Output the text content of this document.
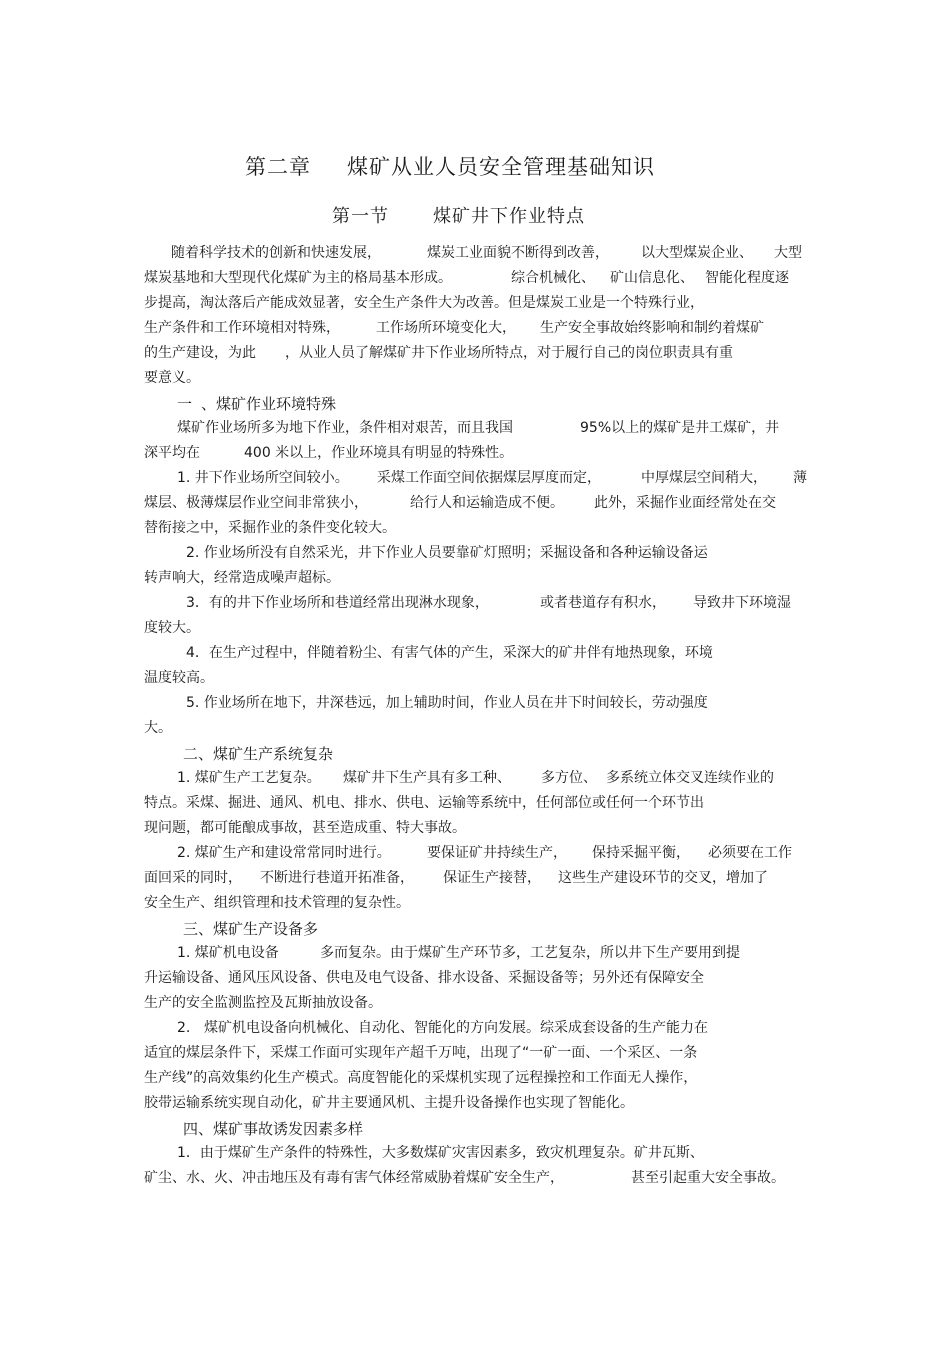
第二章 煤矿从业人员安全管理基础知识
第一节 煤矿井下作业特点
随着科学技术的创新和快速发展，	煤炭工业面貌不断得到改善， 以大型煤炭企业、 大型
煤炭基地和大型现代化煤矿为主的格局基本形成。	综合机械化、 矿山信息化、 智能化程度逐
步提高，淘汰落后产能成效显著，安全生产条件大为改善。但是煤炭工业是一个特殊行业，
生产条件和工作环境相对特殊，	工作场所环境变化大， 生产安全事故始终影响和制约着煤矿
的生产建设，为此 ，从业人员了解煤矿井下作业场所特点，对于履行自己的岗位职责具有重
要意义。
一 、煤矿作业环境特殊
煤矿作业场所多为地下作业，条件相对艰苦，而且我国	95%以上的煤矿是井工煤矿，井
深平均在	400 米以上，作业环境具有明显的特殊性。
1. 井下作业场所空间较小。 采煤工作面空间依据煤层厚度而定，	中厚煤层空间稍大， 薄
煤层、极薄煤层作业空间非常狭小，	给行人和运输造成不便。 此外，采掘作业面经常处在交
替衔接之中，采掘作业的条件变化较大。
2. 作业场所没有自然采光，井下作业人员要靠矿灯照明；采掘设备和各种运输设备运
转声响大，经常造成噪声超标。
3．有的井下作业场所和巷道经常出现淋水现象，	或者巷道存有积水， 导致井下环境湿
度较大。
4．在生产过程中，伴随着粉尘、有害气体的产生，采深大的矿井伴有地热现象，环境
温度较高。
5. 作业场所在地下，井深巷远，加上辅助时间，作业人员在井下时间较长，劳动强度
大。
二、煤矿生产系统复杂
1. 煤矿生产工艺复杂。 煤矿井下生产具有多工种、 多方位、 多系统立体交叉连续作业的
特点。采煤、掘进、通风、机电、排水、供电、运输等系统中，任何部位或任何一个环节出
现问题，都可能酿成事故，甚至造成重、特大事故。
2. 煤矿生产和建设常常同时进行。	要保证矿井持续生产， 保持采掘平衡， 必须要在工作
面回采的同时， 不断进行巷道开拓准备， 保证生产接替， 这些生产建设环节的交叉，增加了
安全生产、组织管理和技术管理的复杂性。
三、煤矿生产设备多
1. 煤矿机电设备	多而复杂。由于煤矿生产环节多，工艺复杂，所以井下生产要用到提
升运输设备、通风压风设备、供电及电气设备、排水设备、采掘设备等；另外还有保障安全
生产的安全监测监控及瓦斯抽放设备。
2. 煤矿机电设备向机械化、自动化、智能化的方向发展。综采成套设备的生产能力在
适宜的煤层条件下，采煤工作面可实现年产超千万吨，出现了“一矿一面、一个采区、一条
生产线”的高效集约化生产模式。高度智能化的采煤机实现了远程操控和工作面无人操作，
胶带运输系统实现自动化，矿井主要通风机、主提升设备操作也实现了智能化。
四、煤矿事故诱发因素多样
1．由于煤矿生产条件的特殊性，大多数煤矿灾害因素多，致灾机理复杂。矿井瓦斯、
矿尘、水、火、冲击地压及有毒有害气体经常威胁着煤矿安全生产，	甚至引起重大安全事故。
